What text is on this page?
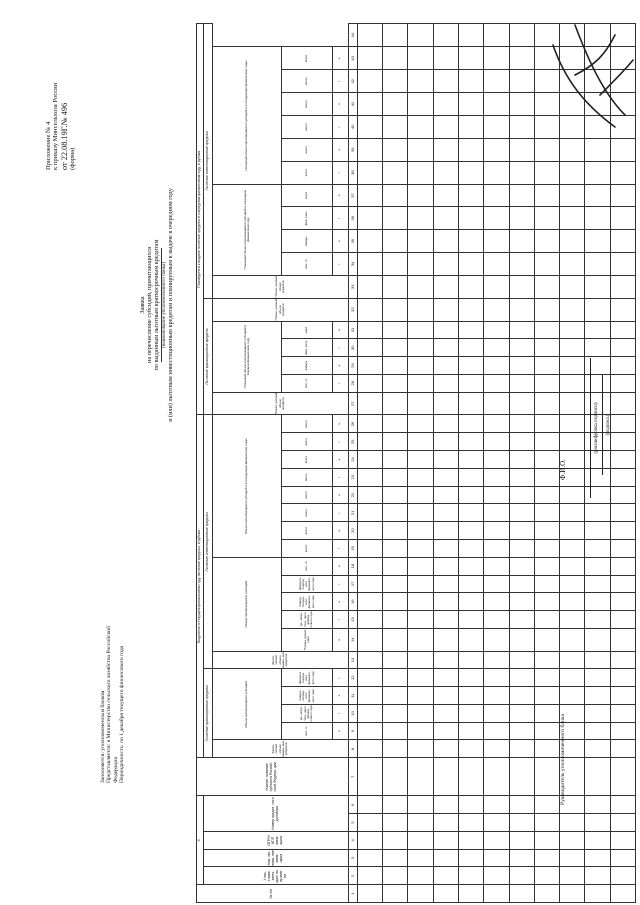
Приложение № 4 к приказу Минсельхоза России от 22.08.19Г.№ 496 (форма)
Заявка на перечисление субсидий, причитающихся по выданным льготным краткосрочным кредитам (наименование уполномоченного банка) и (или) льготным инвестиционным кредитам и планируемым к выдаче в очередном году
Заполняется: уполномоченным банком Представляется: в Министерство сельского хозяйства Российской Федерации Периодичность: по 1 декабря текущего финансового года
№ п/п	Х					Наиме- нование субъекта Россий- ской Федера- ции	Выделено в текущем финансовом году льготные кредиты, в рублях																			Планируется к выдаче льготные кредиты в очередном финансовом году, в рублях																	
	Учас- тники/ заем- щик/ по- лучате- ли	Наи- ме- нова- ние заем- щика	ОГРН/ КПП заем- щика	Номер кредит- ного договора			Льготные краткосрочные кредиты					Льготные инвестиционные кредиты														Льготные краткосрочные кредиты						Льготные инвестиционные кредиты											
							Факти- ческий объем выдан- ных кредитов	Объем причитающихся субсидий				Факти- ческий объем выдан- ных кредитов	Объем причитающихся субсидий					Объем причитающихся субсидий в последующих финансовых годах								Плани- руемый объем кредитов	Плановый объем причитающихся субсидий в текущем финансовом году				Плани- руемый объем кредитов	Плани- руемый объем кредитов	Плановый объем причитающихся субсидий в очередном финансовом году				Плановый объем причитающихся субсидий в последующих финансовых годах						
								все- го	де- кабрь теку- щего финан- сового года	январь очеред- ного финансо- вого года	февраль очеред- ного финансо- вого года		Преды- дущие годы	де- кабрь теку- щего финан- сового года	январь очеред- ного финансо- вого года	февраль очеред- ного финансо- вого года	все- го	всего	всего	всего	всего	всего	всего	всего	всего		все- го	январь	фев- раль	март			все- го	январь	фев- раль	март	всего	всего	всего	всего	всего	всего	
								а	г.	а	г.		а	г.	а	г.	а	г.	а	г.	а	г.	а	г.	а		г.	а	г.	а			г.	а	г.	а	г.	а	г.	а	г.	а	
1	2	3	4	5	6	7	8	9	10	11	12	13	14	15	16	17	18	19	20	21	22	23	24	25	26	27	28	29	30	31	32	33	34	35	36	37	38	39	40	41	42	43	44

Руководитель уполномоченного банка
(подпись)
Ф.И.О.
(расшифровка подписи)
